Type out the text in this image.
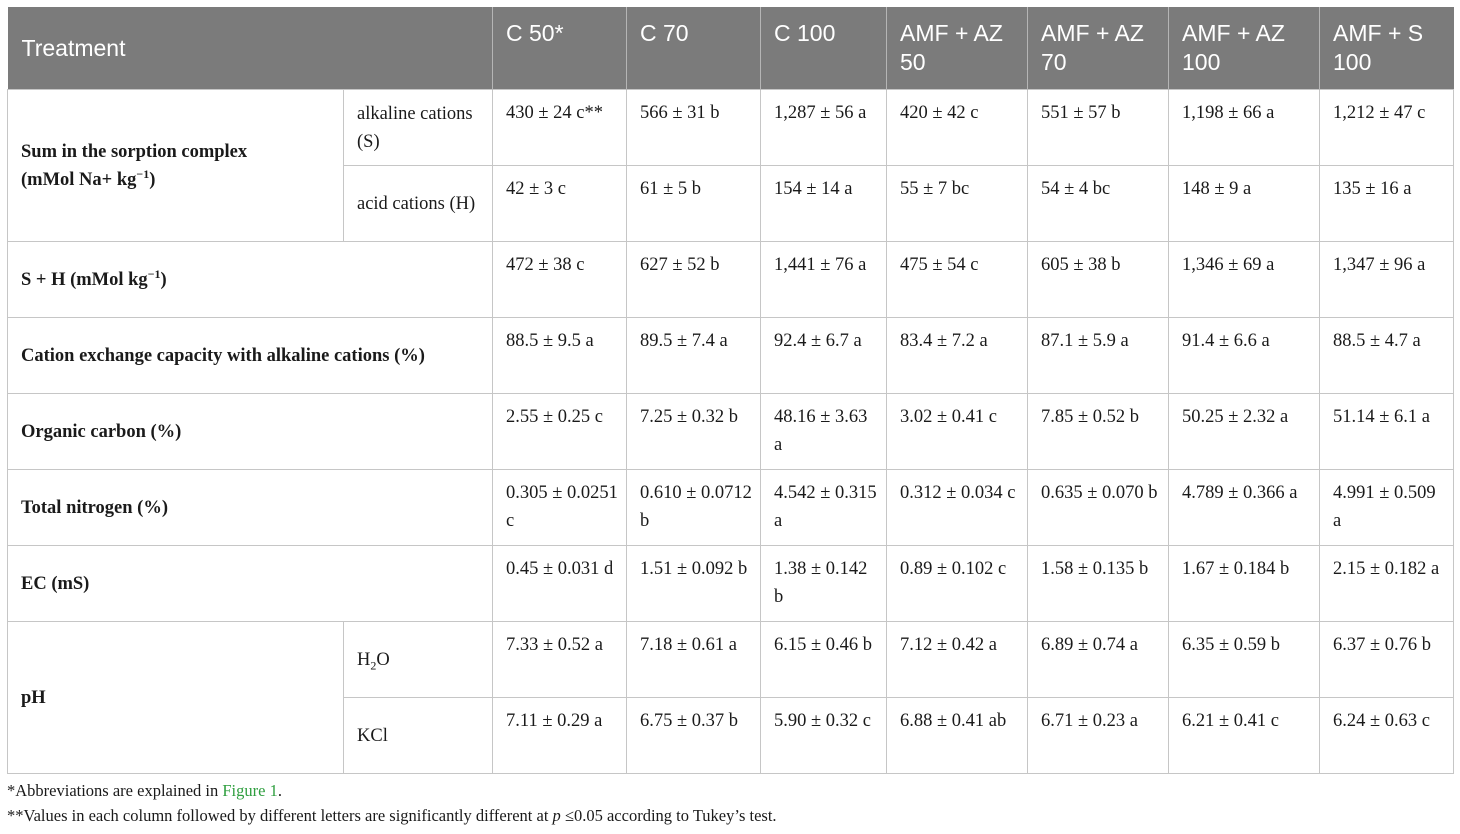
Treatment		C 50*	C 70	C 100	AMF + AZ 50	AMF + AZ 70	AMF + AZ 100	AMF + S 100
Sum in the sorption complex
(mMol $Na+ kg^{-1}$)	alkaline cations (S)	430 ± 24 c**	566 ± 31 b	1,287 ± 56 a	420 ± 42 c	551 ± 57 b	1,198 ± 66 a	1,212 ± 47 c
	acid cations (H)	42 ± 3 c	61 ± 5 b	154 ± 14 a	55 ± 7 bc	54 ± 4 bc	148 ± 9 a	135 ± 16 a
S + H (mMol $kg^{-1}$)		472 ± 38 c	627 ± 52 b	1,441 ± 76 a	475 ± 54 c	605 ± 38 b	1,346 ± 69 a	1,347 ± 96 a
Cation exchange capacity with alkaline cations (%)		88.5 ± 9.5 a	89.5 ± 7.4 a	92.4 ± 6.7 a	83.4 ± 7.2 a	87.1 ± 5.9 a	91.4 ± 6.6 a	88.5 ± 4.7 a
Organic carbon (%)		2.55 ± 0.25 c	7.25 ± 0.32 b	48.16 ± 3.63 a	3.02 ± 0.41 c	7.85 ± 0.52 b	50.25 ± 2.32 a	51.14 ± 6.1 a
Total nitrogen (%)		0.305 ± 0.0251 c	0.610 ± 0.0712 b	4.542 ± 0.315 a	0.312 ± 0.034 c	0.635 ± 0.070 b	4.789 ± 0.366 a	4.991 ± 0.509 a
EC (mS)		0.45 ± 0.031 d	1.51 ± 0.092 b	1.38 ± 0.142 b	0.89 ± 0.102 c	1.58 ± 0.135 b	1.67 ± 0.184 b	2.15 ± 0.182 a
pH	$H_2O$	7.33 ± 0.52 a	7.18 ± 0.61 a	6.15 ± 0.46 b	7.12 ± 0.42 a	6.89 ± 0.74 a	6.35 ± 0.59 b	6.37 ± 0.76 b
	KCl	7.11 ± 0.29 a	6.75 ± 0.37 b	5.90 ± 0.32 c	6.88 ± 0.41 ab	6.71 ± 0.23 a	6.21 ± 0.41 c	6.24 ± 0.63 c
*Abbreviations are explained in Figure 1.
**Values in each column followed by different letters are significantly different at p ≤0.05 according to Tukey’s test.
